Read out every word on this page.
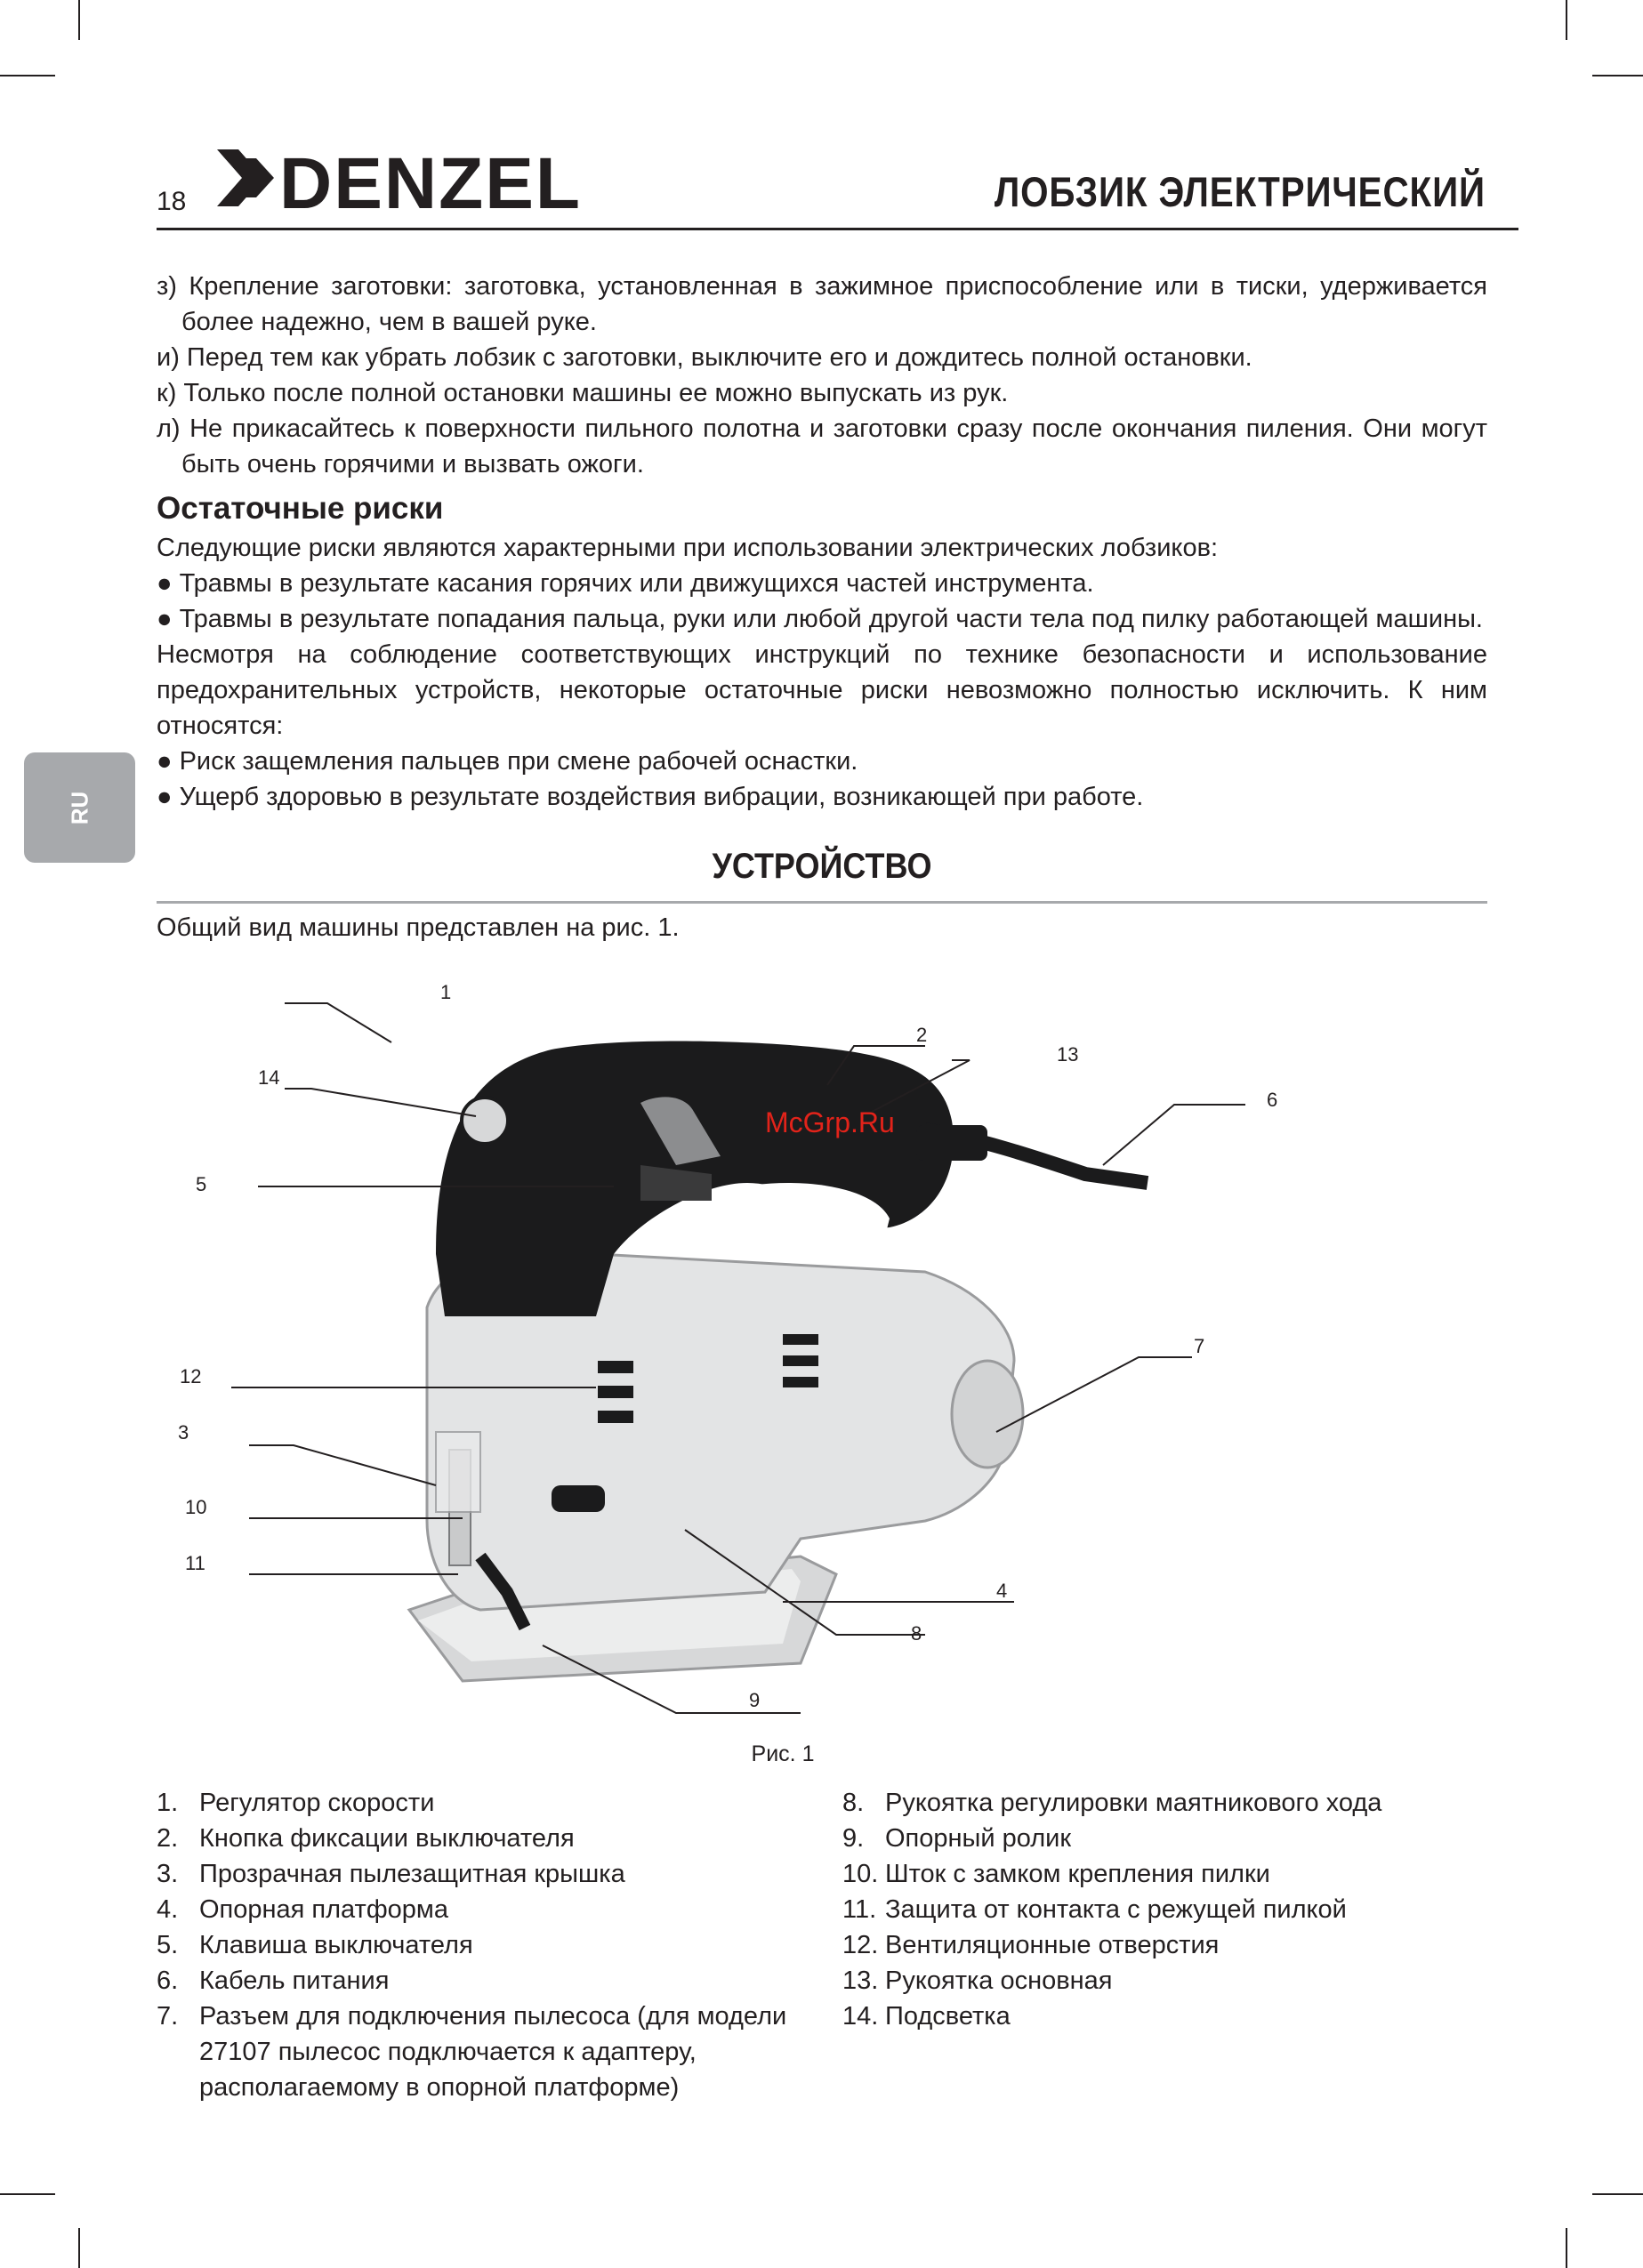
18 DENZEL	ЛОБЗИК ЭЛЕКТРИЧЕСКИЙ
RU

з) Крепление заготовки: заготовка, установленная в зажимное приспособление или в тиски, удерживается более надежно, чем в вашей руке.

и) Перед тем как убрать лобзик с заготовки, выключите его и дождитесь полной остановки.

к) Только после полной остановки машины ее можно выпускать из рук.

л) Не прикасайтесь к поверхности пильного полотна и заготовки сразу после окончания пиления. Они могут быть очень горячими и вызвать ожоги.

Остаточные риски

Следующие риски являются характерными при использовании электрических лобзиков:

● Травмы в результате касания горячих или движущихся частей инструмента.

● Травмы в результате попадания пальца, руки или любой другой части тела под пилку работающей машины.

Несмотря на соблюдение соответствующих инструкций по технике безопасности и использование предохранительных устройств, некоторые остаточные риски невозможно полностью исключить. К ним относятся:

● Риск защемления пальцев при смене рабочей оснастки.

● Ущерб здоровью в результате воздействия вибрации, возникающей при работе.

УСТРОЙСТВО
Общий вид машины представлен на рис. 1.
McGrp.Ru
1
2
3
4
5
6
7
8
9
10
11
12
13
14
Рис. 1
1. Регулятор скорости
2. Кнопка фиксации выключателя
3. Прозрачная пылезащитная крышка
4. Опорная платформа
5. Клавиша выключателя
6. Кабель питания
7. Разъем для подключения пылесоса (для модели 27107 пылесос подключается к адаптеру, располагаемому в опорной платформе)
8. Рукоятка регулировки маятникового хода
9. Опорный ролик
10. Шток с замком крепления пилки
11. Защита от контакта с режущей пилкой
12. Вентиляционные отверстия
13. Рукоятка основная
14. Подсветка
